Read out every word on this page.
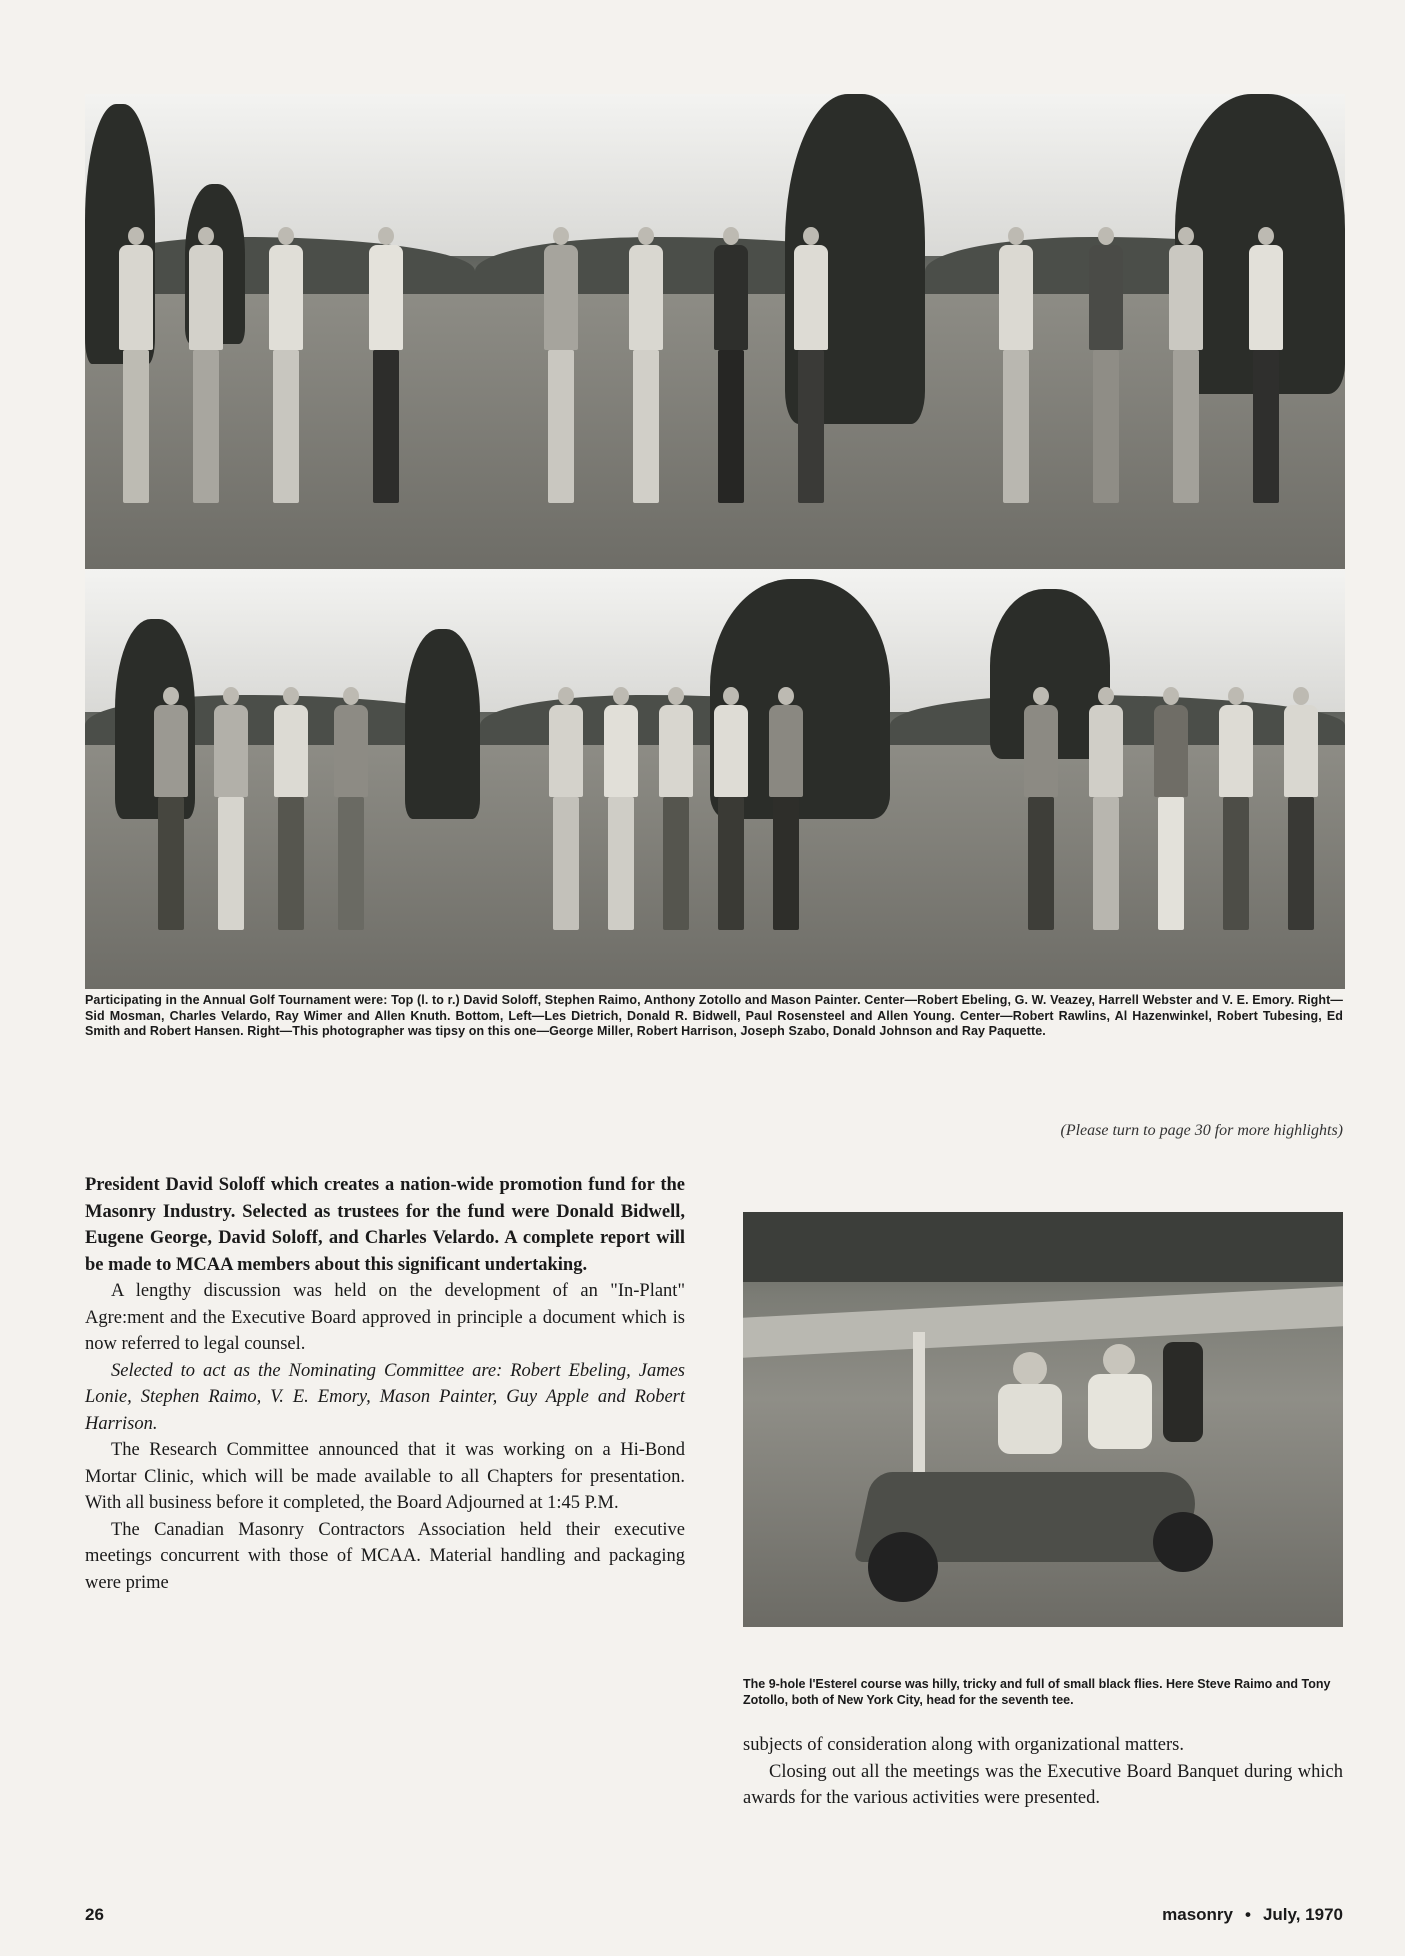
Participating in the Annual Golf Tournament were: Top (l. to r.) David Soloff, Stephen Raimo, Anthony Zotollo and Mason Painter. Center—Robert Ebeling, G. W. Veazey, Harrell Webster and V. E. Emory. Right—Sid Mosman, Charles Velardo, Ray Wimer and Allen Knuth. Bottom, Left—Les Dietrich, Donald R. Bidwell, Paul Rosensteel and Allen Young. Center—Robert Rawlins, Al Hazenwinkel, Robert Tubesing, Ed Smith and Robert Hansen. Right—This photographer was tipsy on this one—George Miller, Robert Harrison, Joseph Szabo, Donald Johnson and Ray Paquette.
(Please turn to page 30 for more highlights)

President David Soloff which creates a nation-wide promotion fund for the Masonry Industry. Selected as trustees for the fund were Donald Bidwell, Eugene George, David Soloff, and Charles Velardo. A complete report will be made to MCAA members about this significant undertaking.

A lengthy discussion was held on the development of an "In-Plant" Agre:ment and the Executive Board approved in principle a document which is now referred to legal counsel.

Selected to act as the Nominating Committee are: Robert Ebeling, James Lonie, Stephen Raimo, V. E. Emory, Mason Painter, Guy Apple and Robert Harrison.

The Research Committee announced that it was working on a Hi-Bond Mortar Clinic, which will be made available to all Chapters for presentation. With all business before it completed, the Board Adjourned at 1:45 P.M.

The Canadian Masonry Contractors Association held their executive meetings concurrent with those of MCAA. Material handling and packaging were prime

The 9-hole l'Esterel course was hilly, tricky and full of small black flies. Here Steve Raimo and Tony Zotollo, both of New York City, head for the seventh tee.

subjects of consideration along with organizational matters.

Closing out all the meetings was the Executive Board Banquet during which awards for the various activities were presented.

26	masonry • July, 1970
